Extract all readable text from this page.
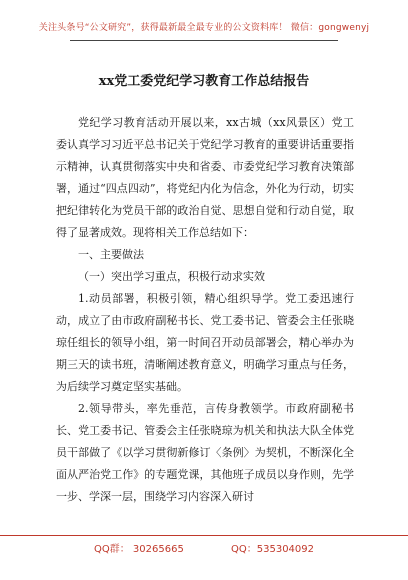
关注头条号“公文研究”，获得最新最全最专业的公文资料库！ 微信：gongwenyj
xx党工委党纪学习教育工作总结报告

党纪学习教育活动开展以来，xx古城（xx风景区）党工委认真学习习近平总书记关于党纪学习教育的重要讲话重要指示精神，认真贯彻落实中央和省委、市委党纪学习教育决策部署，通过“四点四动”，将党纪内化为信念，外化为行动，切实把纪律转化为党员干部的政治自觉、思想自觉和行动自觉，取得了显著成效。现将相关工作总结如下：

一、主要做法

（一）突出学习重点，积极行动求实效

1.动员部署，积极引领，精心组织导学。党工委迅速行动，成立了由市政府副秘书长、党工委书记、管委会主任张晓琼任组长的领导小组，第一时间召开动员部署会，精心举办为期三天的读书班，清晰阐述教育意义，明确学习重点与任务，为后续学习奠定坚实基础。

2.领导带头，率先垂范，言传身教领学。市政府副秘书长、党工委书记、管委会主任张晓琼为机关和执法大队全体党员干部做了《以学习贯彻新修订〈条例〉为契机，不断深化全面从严治党工作》的专题党课，其他班子成员以身作则，先学一步、学深一层，围绕学习内容深入研讨

QQ群： 30265665	QQ：535304092
